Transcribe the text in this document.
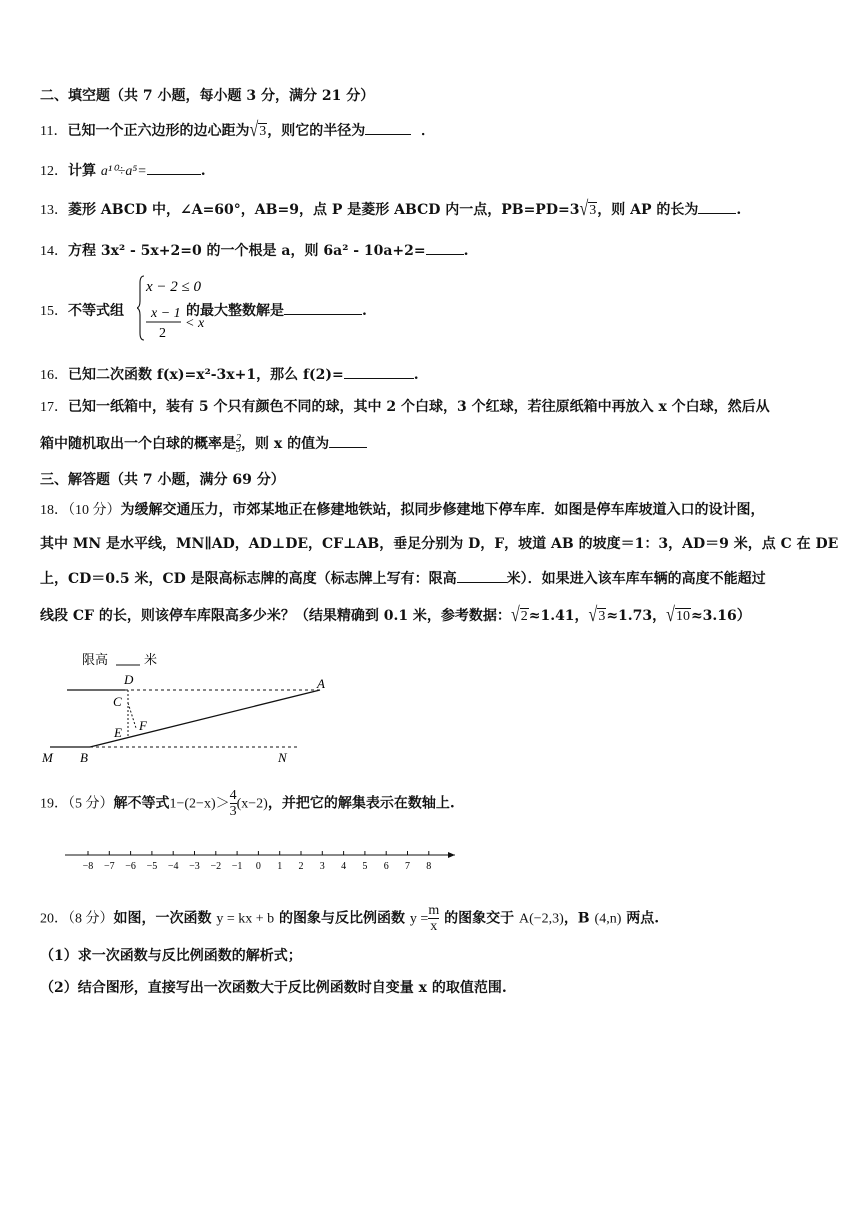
二、填空题（共 7 小题，每小题 3 分，满分 21 分）
11．已知一个正六边形的边心距为√3，则它的半径为	．
12．计算 a¹⁰÷a⁵=	.
13．菱形 ABCD 中，∠A=60°，AB=9，点 P 是菱形 ABCD 内一点，PB=PD=3√3，则 AP 的长为	.
14．方程 3x² - 5x+2=0 的一个根是 a，则 6a² - 10a+2=	.
15．不等式组	的最大整数解是	.
x − 2 ≤ 0
x − 1
2
< x
16．已知二次函数 f(x)=x²-3x+1，那么 f(2)=	.
17．已知一纸箱中，装有 5 个只有颜色不同的球，其中 2 个白球，3 个红球，若往原纸箱中再放入 x 个白球，然后从
箱中随机取出一个白球的概率是 $\frac{2}{3}$ ，则 x 的值为
三、解答题（共 7 小题，满分 69 分）
18．（10 分）为缓解交通压力，市郊某地正在修建地铁站，拟同步修建地下停车库．如图是停车库坡道入口的设计图，
其中 MN 是水平线，MN∥AD，AD⊥DE，CF⊥AB，垂足分别为 D，F，坡道 AB 的坡度＝1：3，AD＝9 米，点 C 在 DE
上，CD＝0.5 米，CD 是限高标志牌的高度（标志牌上写有：限高	米）．如果进入该车库车辆的高度不能超过
线段 CF 的长，则该停车库限高多少米？（结果精确到 0.1 米，参考数据：√2≈1.41，√3≈1.73，√10≈3.16）
限高	米
D	A
C
F
E
M B	N
19．（5 分）解不等式$1-(2-x)> \frac{4}{3} (x-2)$，并把它的解集表示在数轴上.
−8 −7 −6 −5 −4 −3 −2 −1 0 1 2 3 4 5 6 7 8
20．（8 分）如图，一次函数 y = kx + b 的图象与反比例函数 $y = \frac{m}{x}$ 的图象交于 A(−2,3)，B (4,n) 两点.
（1）求一次函数与反比例函数的解析式；
（2）结合图形，直接写出一次函数大于反比例函数时自变量 x 的取值范围.
